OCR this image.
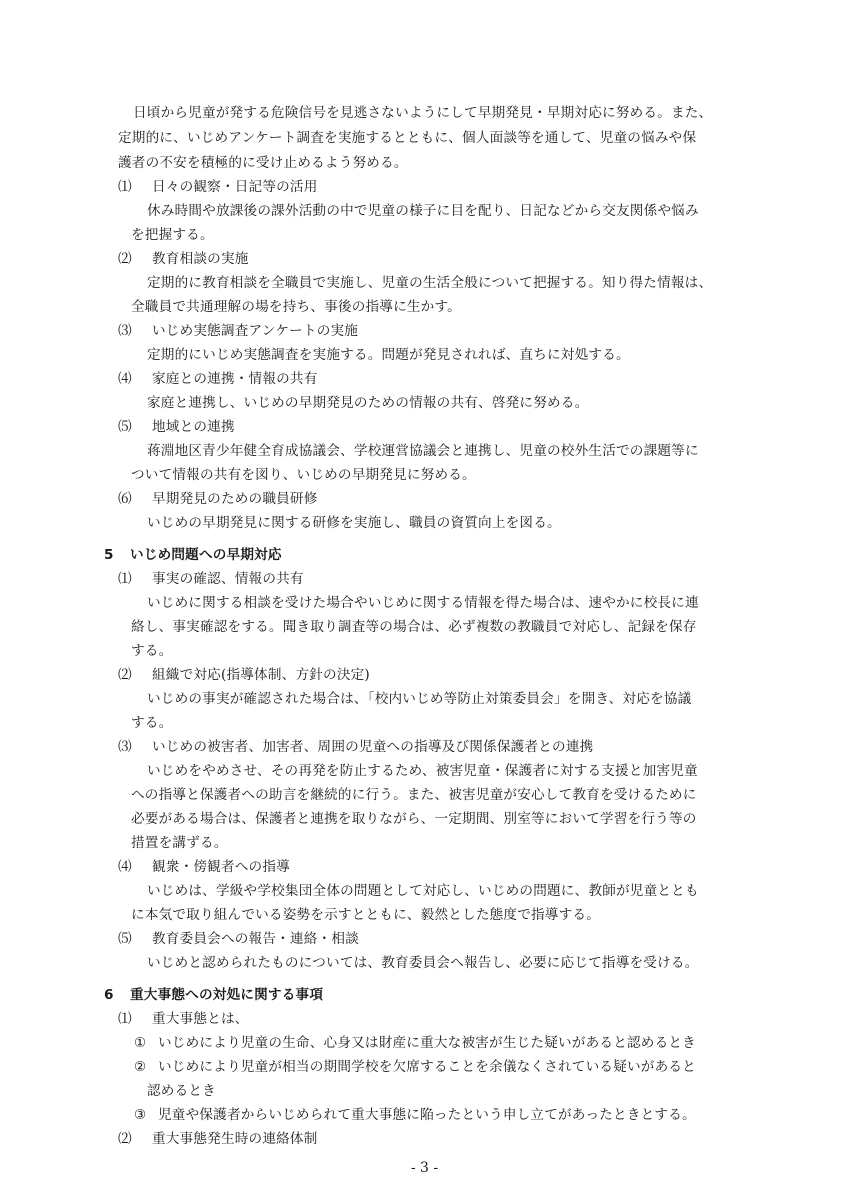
日頃から児童が発する危険信号を見逃さないようにして早期発見・早期対応に努める。また、
定期的に、いじめアンケート調査を実施するとともに、個人面談等を通して、児童の悩みや保
護者の不安を積極的に受け止めるよう努める。
⑴ 日々の観察・日記等の活用
休み時間や放課後の課外活動の中で児童の様子に目を配り、日記などから交友関係や悩み
を把握する。
⑵ 教育相談の実施
定期的に教育相談を全職員で実施し、児童の生活全般について把握する。知り得た情報は、
全職員で共通理解の場を持ち、事後の指導に生かす。
⑶ いじめ実態調査アンケートの実施
定期的にいじめ実態調査を実施する。問題が発見されれば、直ちに対処する。
⑷ 家庭との連携・情報の共有
家庭と連携し、いじめの早期発見のための情報の共有、啓発に努める。
⑸ 地域との連携
蒋淵地区青少年健全育成協議会、学校運営協議会と連携し、児童の校外生活での課題等に
ついて情報の共有を図り、いじめの早期発見に努める。
⑹ 早期発見のための職員研修
いじめの早期発見に関する研修を実施し、職員の資質向上を図る。
5 いじめ問題への早期対応
⑴ 事実の確認、情報の共有
いじめに関する相談を受けた場合やいじめに関する情報を得た場合は、速やかに校長に連
絡し、事実確認をする。聞き取り調査等の場合は、必ず複数の教職員で対応し、記録を保存
する。
⑵ 組織で対応(指導体制、方針の決定)
いじめの事実が確認された場合は、「校内いじめ等防止対策委員会」を開き、対応を協議
する。
⑶ いじめの被害者、加害者、周囲の児童への指導及び関係保護者との連携
いじめをやめさせ、その再発を防止するため、被害児童・保護者に対する支援と加害児童
への指導と保護者への助言を継続的に行う。また、被害児童が安心して教育を受けるために
必要がある場合は、保護者と連携を取りながら、一定期間、別室等において学習を行う等の
措置を講ずる。
⑷ 観衆・傍観者への指導
いじめは、学級や学校集団全体の問題として対応し、いじめの問題に、教師が児童ととも
に本気で取り組んでいる姿勢を示すとともに、毅然とした態度で指導する。
⑸ 教育委員会への報告・連絡・相談
いじめと認められたものについては、教育委員会へ報告し、必要に応じて指導を受ける。
6 重大事態への対処に関する事項
⑴ 重大事態とは、
① いじめにより児童の生命、心身又は財産に重大な被害が生じた疑いがあると認めるとき
② いじめにより児童が相当の期間学校を欠席することを余儀なくされている疑いがあると
認めるとき
③ 児童や保護者からいじめられて重大事態に陥ったという申し立てがあったときとする。
⑵ 重大事態発生時の連絡体制
- 3 -
